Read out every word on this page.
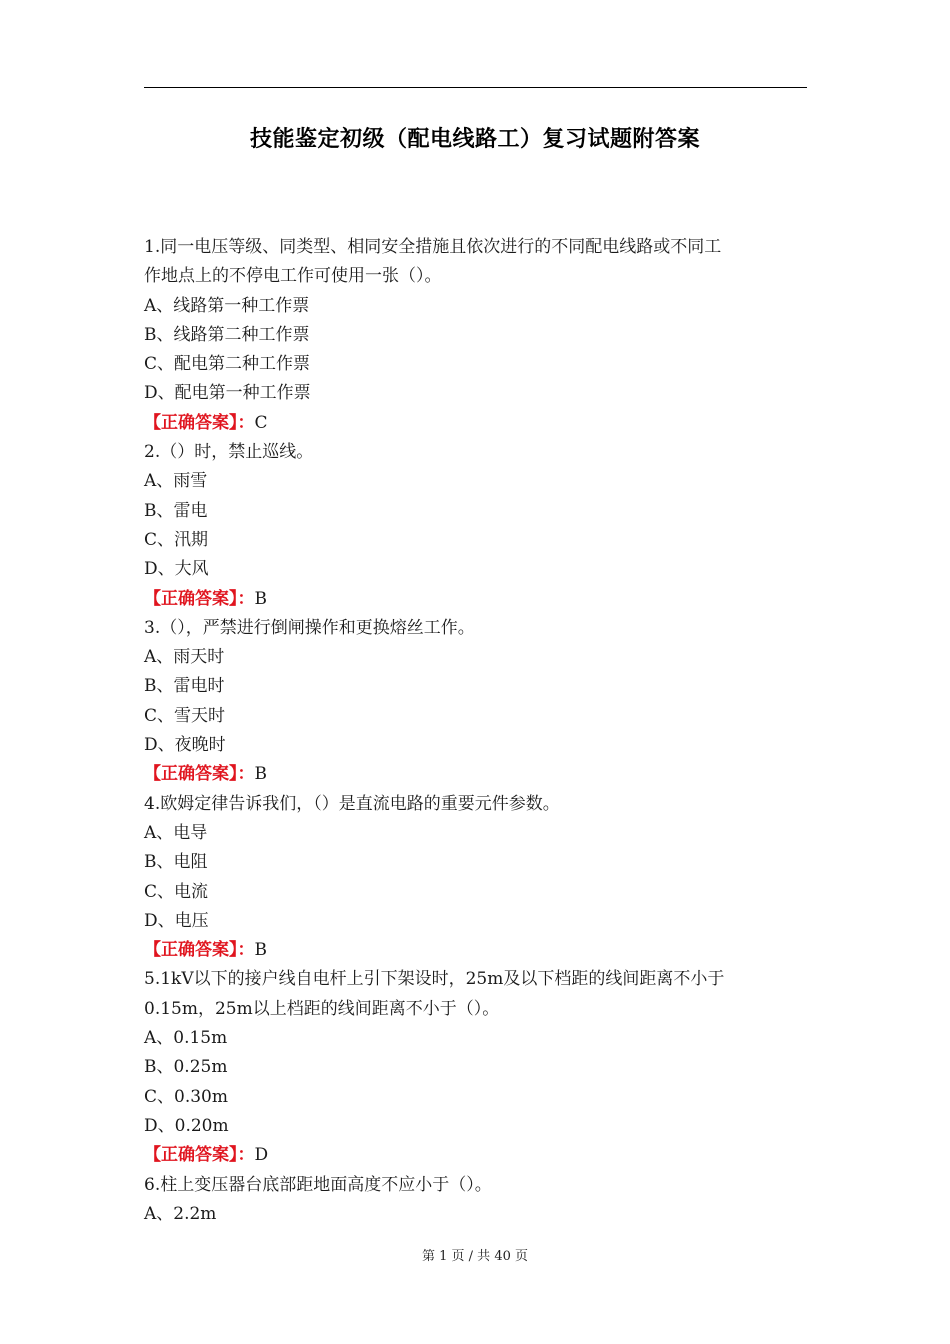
技能鉴定初级（配电线路工）复习试题附答案
1.同一电压等级、同类型、相同安全措施且依次进行的不同配电线路或不同工
作地点上的不停电工作可使用一张（）。
A、线路第一种工作票
B、线路第二种工作票
C、配电第二种工作票
D、配电第一种工作票
【正确答案】：C
2.（）时，禁止巡线。
A、雨雪
B、雷电
C、汛期
D、大风
【正确答案】：B
3.（），严禁进行倒闸操作和更换熔丝工作。
A、雨天时
B、雷电时
C、雪天时
D、夜晚时
【正确答案】：B
4.欧姆定律告诉我们，（）是直流电路的重要元件参数。
A、电导
B、电阻
C、电流
D、电压
【正确答案】：B
5.1kV以下的接户线自电杆上引下架设时，25m及以下档距的线间距离不小于
0.15m，25m以上档距的线间距离不小于（）。
A、0.15m
B、0.25m
C、0.30m
D、0.20m
【正确答案】：D
6.柱上变压器台底部距地面高度不应小于（）。
A、2.2m
第 1 页 / 共 40 页
